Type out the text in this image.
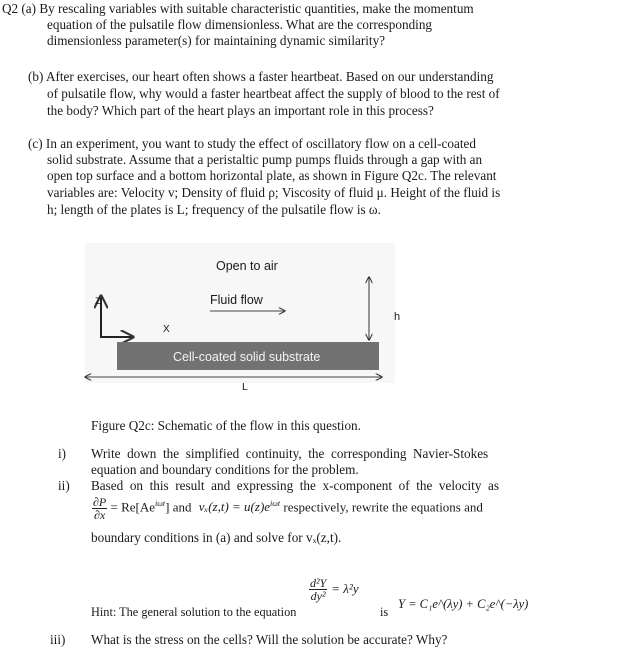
Q2 (a) By rescaling variables with suitable characteristic quantities, make the momentum
equation of the pulsatile flow dimensionless. What are the corresponding
dimensionless parameter(s) for maintaining dynamic similarity?
(b) After exercises, our heart often shows a faster heartbeat. Based on our understanding
of pulsatile flow, why would a faster heartbeat affect the supply of blood to the rest of
the body? Which part of the heart plays an important role in this process?
(c) In an experiment, you want to study the effect of oscillatory flow on a cell-coated
solid substrate. Assume that a peristaltic pump pumps fluids through a gap with an
open top surface and a bottom horizontal plate, as shown in Figure Q2c. The relevant
variables are: Velocity v; Density of fluid ρ; Viscosity of fluid μ. Height of the fluid is
h; length of the plates is L; frequency of the pulsatile flow is ω.
Open to air
Fluid flow
Z
X
h
Cell-coated solid substrate
L
Figure Q2c: Schematic of the flow in this question.
i) Write  down  the  simplified  continuity,  the  corresponding  Navier-Stokes
equation and boundary conditions for the problem.
ii) Based  on  this  result  and  expressing  the  x-component  of  the  velocity  as
$\frac{\partial P}{\partial x} = Re[Ae^{i\omega t}]$ and $v_x(z,t) = u(z)e^{i\omega t}$ respectively, rewrite the equations and
boundary conditions in (a) and solve for vₓ(z,t).
Hint: The general solution to the equation
$\frac{\text{d²Y}}{\text{dy²}} = \lambda^2y$
is
Y = C₁e^(λy) + C₂e^(−λy)
iii) What is the stress on the cells? Will the solution be accurate? Why?
